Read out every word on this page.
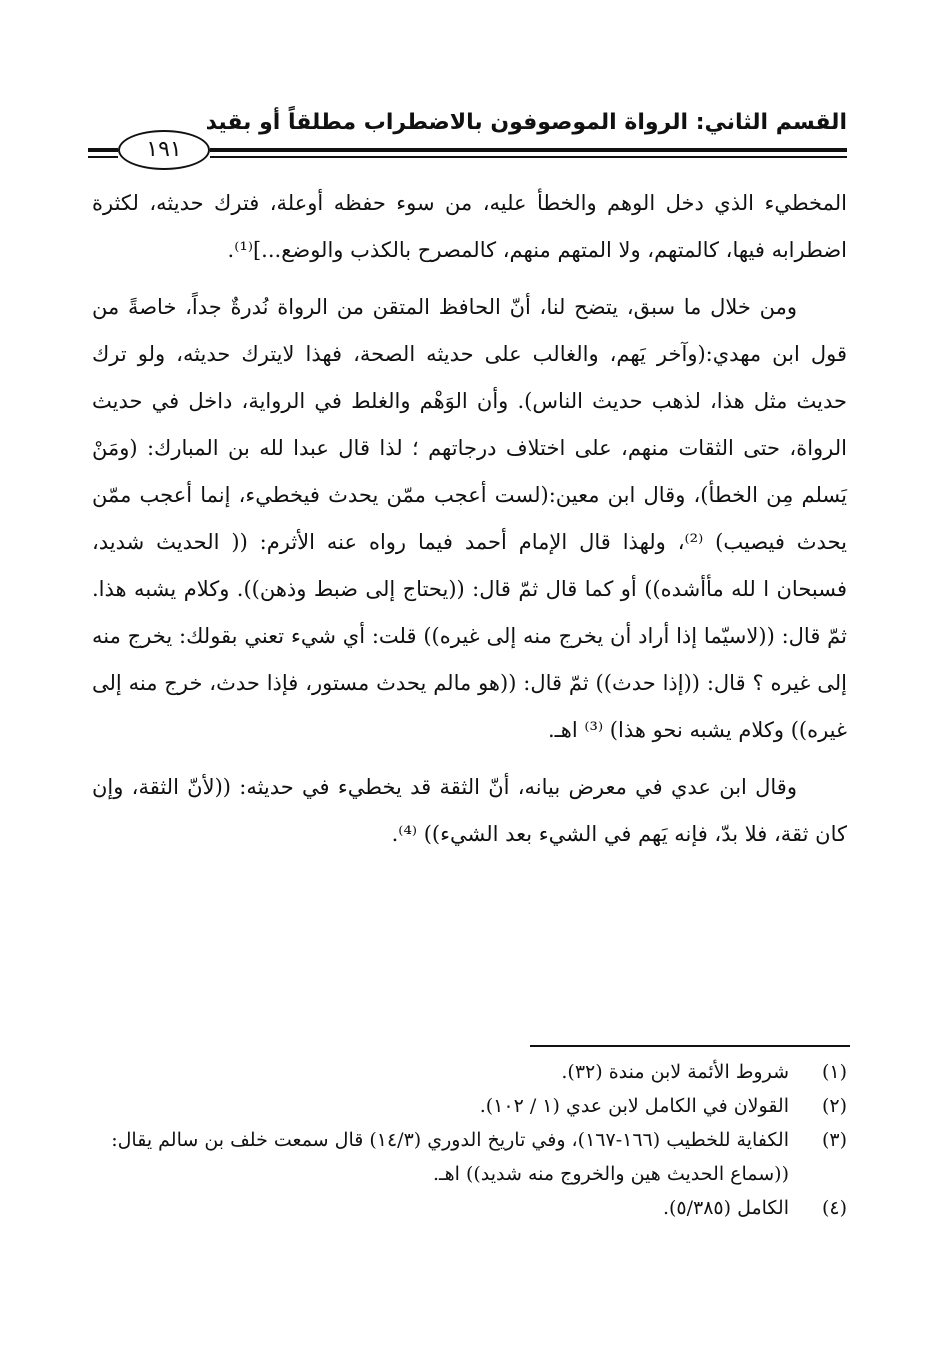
القسم الثاني: الرواة الموصوفون بالاضطراب مطلقاً أو بقيد
١٩١

المخطيء الذي دخل الوهم والخطأ عليه، من سوء حفظه أوعلة، فترك حديثه، لكثرة اضطرابه فيها، كالمتهم، ولا المتهم منهم، كالمصرح بالكذب والوضع...]⁽¹⁾.

ومن خلال ما سبق، يتضح لنا، أنّ الحافظ المتقن من الرواة نُدرةٌ جداً، خاصةً من قول ابن مهدي:(وآخر يَهم، والغالب على حديثه الصحة، فهذا لايترك حديثه، ولو ترك حديث مثل هذا، لذهب حديث الناس). وأن الوَهْم والغلط في الرواية، داخل في حديث الرواة، حتى الثقات منهم، على اختلاف درجاتهم ؛ لذا قال عبدا لله بن المبارك: (ومَنْ يَسلم مِن الخطأ)، وقال ابن معين:(لست أعجب ممّن يحدث فيخطيء، إنما أعجب ممّن يحدث فيصيب) ⁽²⁾، ولهذا قال الإمام أحمد فيما رواه عنه الأثرم: (( الحديث شديد، فسبحان ا لله مأأشده)) أو كما قال ثمّ قال: ((يحتاج إلى ضبط وذهن)). وكلام يشبه هذا. ثمّ قال: ((لاسيّما إذا أراد أن يخرج منه إلى غيره)) قلت: أي شيء تعني بقولك: يخرج منه إلى غيره ؟ قال: ((إذا حدث)) ثمّ قال: ((هو مالم يحدث مستور، فإذا حدث، خرج منه إلى غيره)) وكلام يشبه نحو هذا) ⁽³⁾ اهـ.

وقال ابن عدي في معرض بيانه، أنّ الثقة قد يخطيء في حديثه: ((لأنّ الثقة، وإن كان ثقة، فلا بدّ، فإنه يَهم في الشيء بعد الشيء)) ⁽⁴⁾.

(١)
شروط الأئمة لابن مندة (٣٢).
(٢)
القولان في الكامل لابن عدي (١ / ١٠٢).
(٣)
الكفاية للخطيب (١٦٦-١٦٧)، وفي تاريخ الدوري (١٤/٣) قال سمعت خلف بن سالم يقال: ((سماع الحديث هين والخروج منه شديد)) اهـ.
(٤)
الكامل (٥/٣٨٥).
